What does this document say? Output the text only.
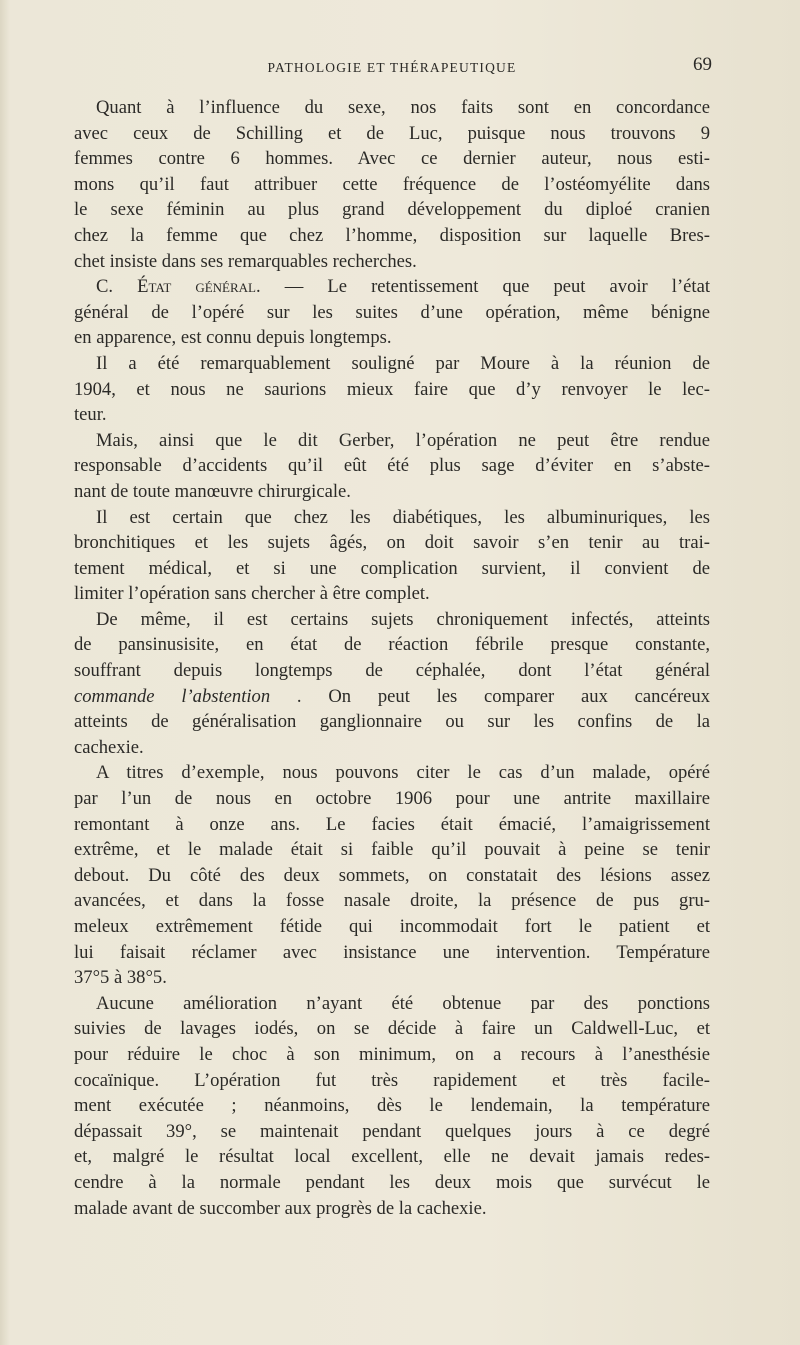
PATHOLOGIE ET THÉRAPEUTIQUE	69
Quant à l’influence du sexe, nos faits sont en concordance
avec ceux de Schilling et de Luc, puisque nous trouvons 9
femmes contre 6 hommes. Avec ce dernier auteur, nous esti-
mons qu’il faut attribuer cette fréquence de l’ostéomyélite dans
le sexe féminin au plus grand développement du diploé cranien
chez la femme que chez l’homme, disposition sur laquelle Bres-
chet insiste dans ses remarquables recherches.
C. État général. — Le retentissement que peut avoir l’état
général de l’opéré sur les suites d’une opération, même bénigne
en apparence, est connu depuis longtemps.
Il a été remarquablement souligné par Moure à la réunion de
1904, et nous ne saurions mieux faire que d’y renvoyer le lec-
teur.
Mais, ainsi que le dit Gerber, l’opération ne peut être rendue
responsable d’accidents qu’il eût été plus sage d’éviter en s’abste-
nant de toute manœuvre chirurgicale.
Il est certain que chez les diabétiques, les albuminuriques, les
bronchitiques et les sujets âgés, on doit savoir s’en tenir au trai-
tement médical, et si une complication survient, il convient de
limiter l’opération sans chercher à être complet.
De même, il est certains sujets chroniquement infectés, atteints
de pansinusisite, en état de réaction fébrile presque constante,
souffrant depuis longtemps de céphalée, dont l’état général
commande l’abstention . On peut les comparer aux cancéreux
atteints de généralisation ganglionnaire ou sur les confins de la
cachexie.
A titres d’exemple, nous pouvons citer le cas d’un malade, opéré
par l’un de nous en octobre 1906 pour une antrite maxillaire
remontant à onze ans. Le facies était émacié, l’amaigrissement
extrême, et le malade était si faible qu’il pouvait à peine se tenir
debout. Du côté des deux sommets, on constatait des lésions assez
avancées, et dans la fosse nasale droite, la présence de pus gru-
meleux extrêmement fétide qui incommodait fort le patient et
lui faisait réclamer avec insistance une intervention. Température
37°5 à 38°5.
Aucune amélioration n’ayant été obtenue par des ponctions
suivies de lavages iodés, on se décide à faire un Caldwell-Luc, et
pour réduire le choc à son minimum, on a recours à l’anesthésie
cocaïnique. L’opération fut très rapidement et très facile-
ment exécutée ; néanmoins, dès le lendemain, la température
dépassait 39°, se maintenait pendant quelques jours à ce degré
et, malgré le résultat local excellent, elle ne devait jamais redes-
cendre à la normale pendant les deux mois que survécut le
malade avant de succomber aux progrès de la cachexie.
